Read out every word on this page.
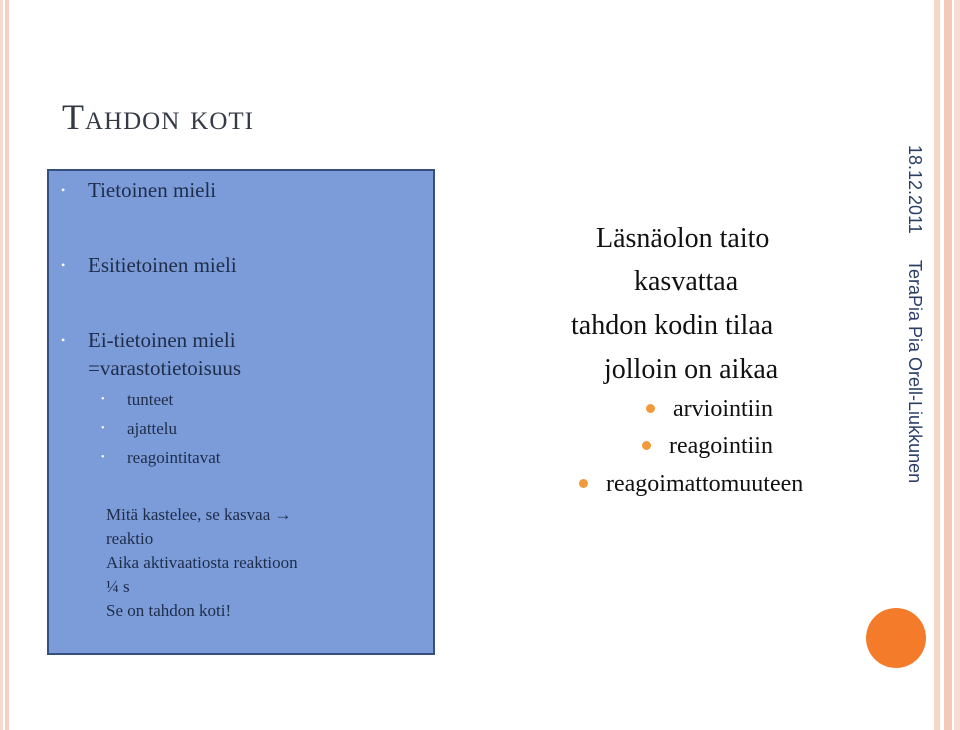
Tahdon koti
• Tietoinen mieli
• Esitietoinen mieli
• Ei-tietoinen mieli
=varastotietoisuus
• tunteet
• ajattelu
• reagointitavat
Mitä kastelee, se kasvaa →
reaktio
Aika aktivaatiosta reaktioon
¼ s
Se on tahdon koti!
Läsnäolon taito
kasvattaa
tahdon kodin tilaa
jolloin on aikaa
arviointiin
reagointiin
reagoimattomuuteen
18.12.2011
TeraPia Pia Orell-Liukkunen
